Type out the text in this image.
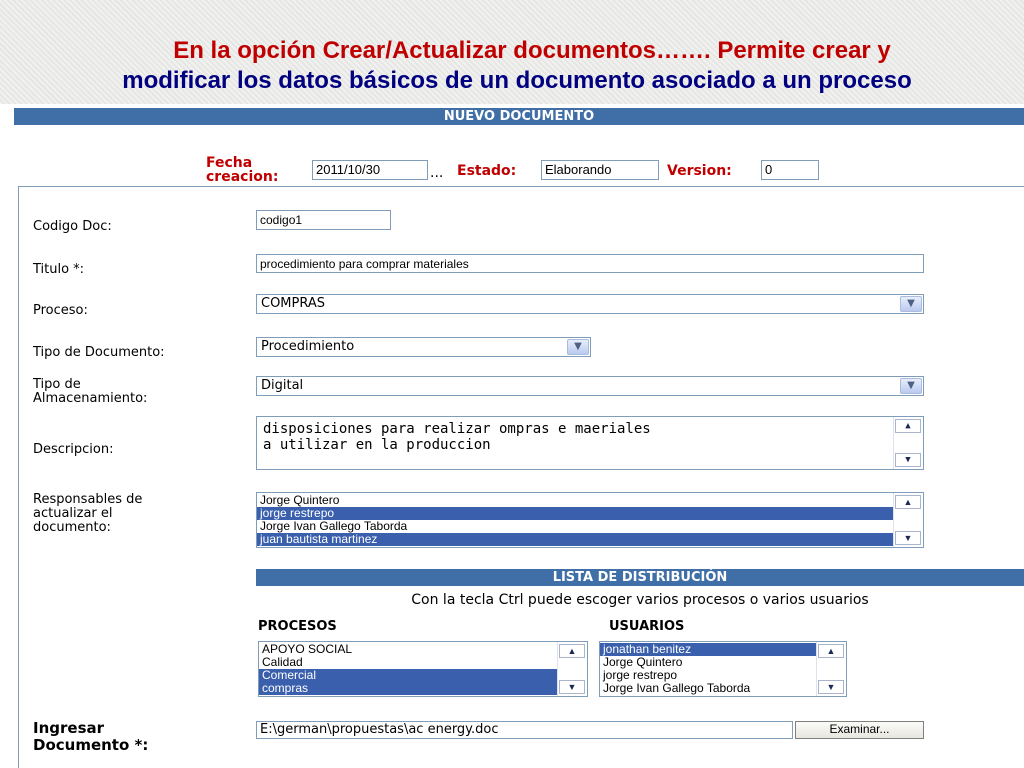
En la opción Crear/Actualizar documentos……. Permite crear y
modificar los datos básicos de un documento asociado a un proceso
NUEVO DOCUMENTO
Fecha
creacion:	2011/10/30	... Estado:	Elaborando	Version:	0
Codigo Doc:	codigo1
Titulo *:	procedimiento para comprar materiales
Proceso:	COMPRAS	▼
Tipo de Documento:	Procedimiento	▼
Tipo de
Almacenamiento:
Digital	▼
Descripcion:
disposiciones para realizar ompras e maeriales
a utilizar en la produccion
▲
▼
Responsables de
actualizar el
documento:
Jorge Quintero
jorge restrepo
Jorge Ivan Gallego Taborda
juan bautista martinez
▲
▼
LISTA DE DISTRIBUCIÓN
Con la tecla Ctrl puede escoger varios procesos o varios usuarios
PROCESOS	USUARIOS
APOYO SOCIAL
Calidad
Comercial
compras
▲
▼
jonathan benitez
Jorge Quintero
jorge restrepo
Jorge Ivan Gallego Taborda
▲
▼
Ingresar
Documento *:
E:\german\propuestas\ac energy.doc	Examinar...
